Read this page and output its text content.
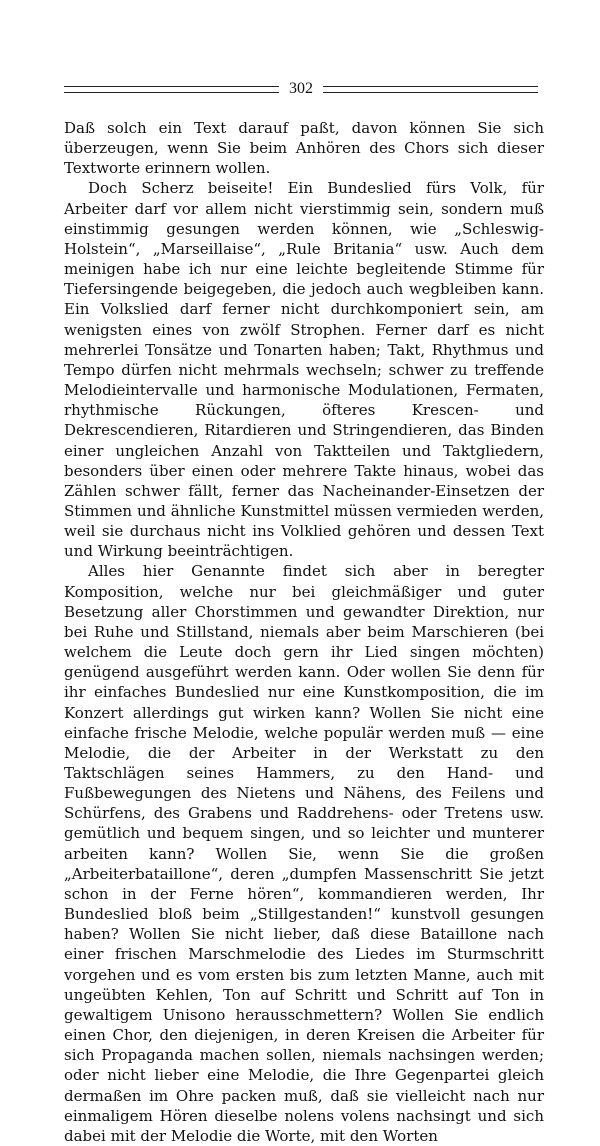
302

Daß solch ein Text darauf paßt, davon können Sie sich überzeugen, wenn Sie beim Anhören des Chors sich dieser Textworte erinnern wollen.

Doch Scherz beiseite! Ein Bundeslied fürs Volk, für Arbeiter darf vor allem nicht vierstimmig sein, sondern muß einstimmig gesungen werden können, wie „Schleswig-Holstein“, „Marseillaise“, „Rule Britania“ usw. Auch dem meinigen habe ich nur eine leichte begleitende Stimme für Tiefersingende beigegeben, die jedoch auch wegbleiben kann. Ein Volkslied darf ferner nicht durchkomponiert sein, am wenigsten eines von zwölf Strophen. Ferner darf es nicht mehrerlei Tonsätze und Tonarten haben; Takt, Rhythmus und Tempo dürfen nicht mehrmals wechseln; schwer zu treffende Melodieintervalle und harmonische Modulationen, Fermaten, rhythmische Rückungen, öfteres Krescen- und Dekrescendieren, Ritardieren und Stringendieren, das Binden einer ungleichen Anzahl von Taktteilen und Taktgliedern, besonders über einen oder mehrere Takte hinaus, wobei das Zählen schwer fällt, ferner das Nacheinander-Einsetzen der Stimmen und ähnliche Kunstmittel müssen vermieden werden, weil sie durchaus nicht ins Volklied gehören und dessen Text und Wirkung beeinträchtigen.

Alles hier Genannte findet sich aber in beregter Komposition, welche nur bei gleichmäßiger und guter Besetzung aller Chorstimmen und gewandter Direktion, nur bei Ruhe und Stillstand, niemals aber beim Marschieren (bei welchem die Leute doch gern ihr Lied singen möchten) genügend ausgeführt werden kann. Oder wollen Sie denn für ihr einfaches Bundeslied nur eine Kunstkomposition, die im Konzert allerdings gut wirken kann? Wollen Sie nicht eine einfache frische Melodie, welche populär werden muß — eine Melodie, die der Arbeiter in der Werkstatt zu den Taktschlägen seines Hammers, zu den Hand- und Fußbewegungen des Nietens und Nähens, des Feilens und Schürfens, des Grabens und Raddrehens- oder Tretens usw. gemütlich und bequem singen, und so leichter und munterer arbeiten kann? Wollen Sie, wenn Sie die großen „Arbeiterbataillone“, deren „dumpfen Massenschritt Sie jetzt schon in der Ferne hören“, kommandieren werden, Ihr Bundeslied bloß beim „Stillgestanden!“ kunstvoll gesungen haben? Wollen Sie nicht lieber, daß diese Bataillone nach einer frischen Marschmelodie des Liedes im Sturmschritt vorgehen und es vom ersten bis zum letzten Manne, auch mit ungeübten Kehlen, Ton auf Schritt und Schritt auf Ton in gewaltigem Unisono herausschmettern? Wollen Sie endlich einen Chor, den diejenigen, in deren Kreisen die Arbeiter für sich Propaganda machen sollen, niemals nachsingen werden; oder nicht lieber eine Melodie, die Ihre Gegenpartei gleich dermaßen im Ohre packen muß, daß sie vielleicht nach nur einmaligem Hören dieselbe nolens volens nachsingt und sich dabei mit der Melodie die Worte, mit den Worten
